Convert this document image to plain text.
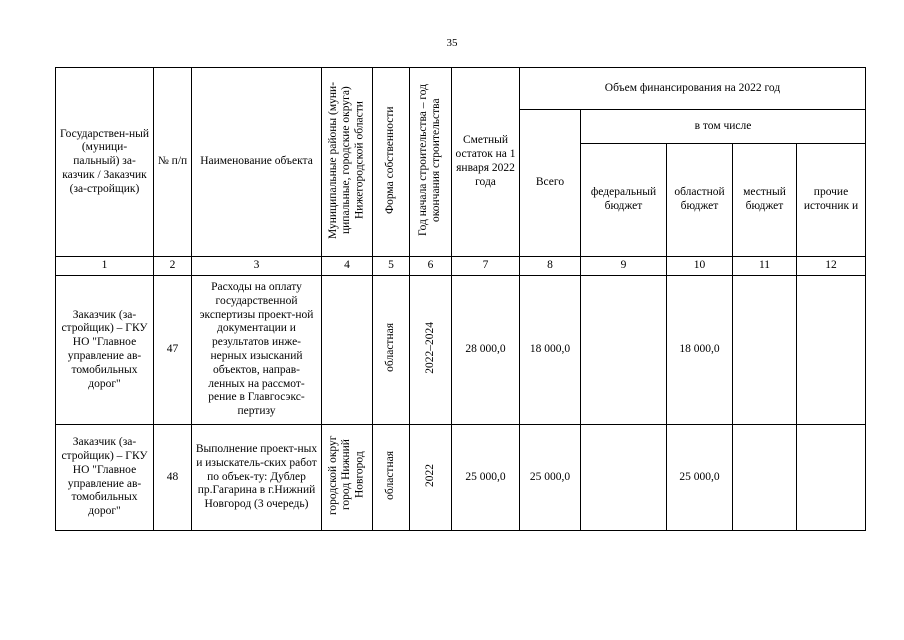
35
Государствен-ный (муници-пальный) за-казчик / Заказчик (за-стройщик)	№ п/п	Наименование объекта	Муниципальные районы (муни-ципальные, городские округа) Нижегородской области	Форма собственности	Год начала строительства – год окончания строительства	Сметный остаток на 1 января 2022 года	Объем финансирования на 2022 год				
							Всего	в том числе			
								федеральный бюджет	областной бюджет	местный бюджет	прочие источник и
1	2	3	4	5	6	7	8	9	10	11	12
Заказчик (за-стройщик) – ГКУ НО "Главное управление ав-томобильных дорог"	47	Расходы на оплату государственной экспертизы проект-ной документации и результатов инже-нерных изысканий объектов, направ-ленных на рассмот-рение в Главгосэкс-пертизу		областная	2022–2024	28 000,0	18 000,0		18 000,0		
Заказчик (за-стройщик) – ГКУ НО "Главное управление ав-томобильных дорог"	48	Выполнение проект-ных и изыскатель-ских работ по объек-ту: Дублер пр.Гагарина в г.Нижний Новгород (3 очередь)	городской округ город Нижний Новгород	областная	2022	25 000,0	25 000,0		25 000,0		
